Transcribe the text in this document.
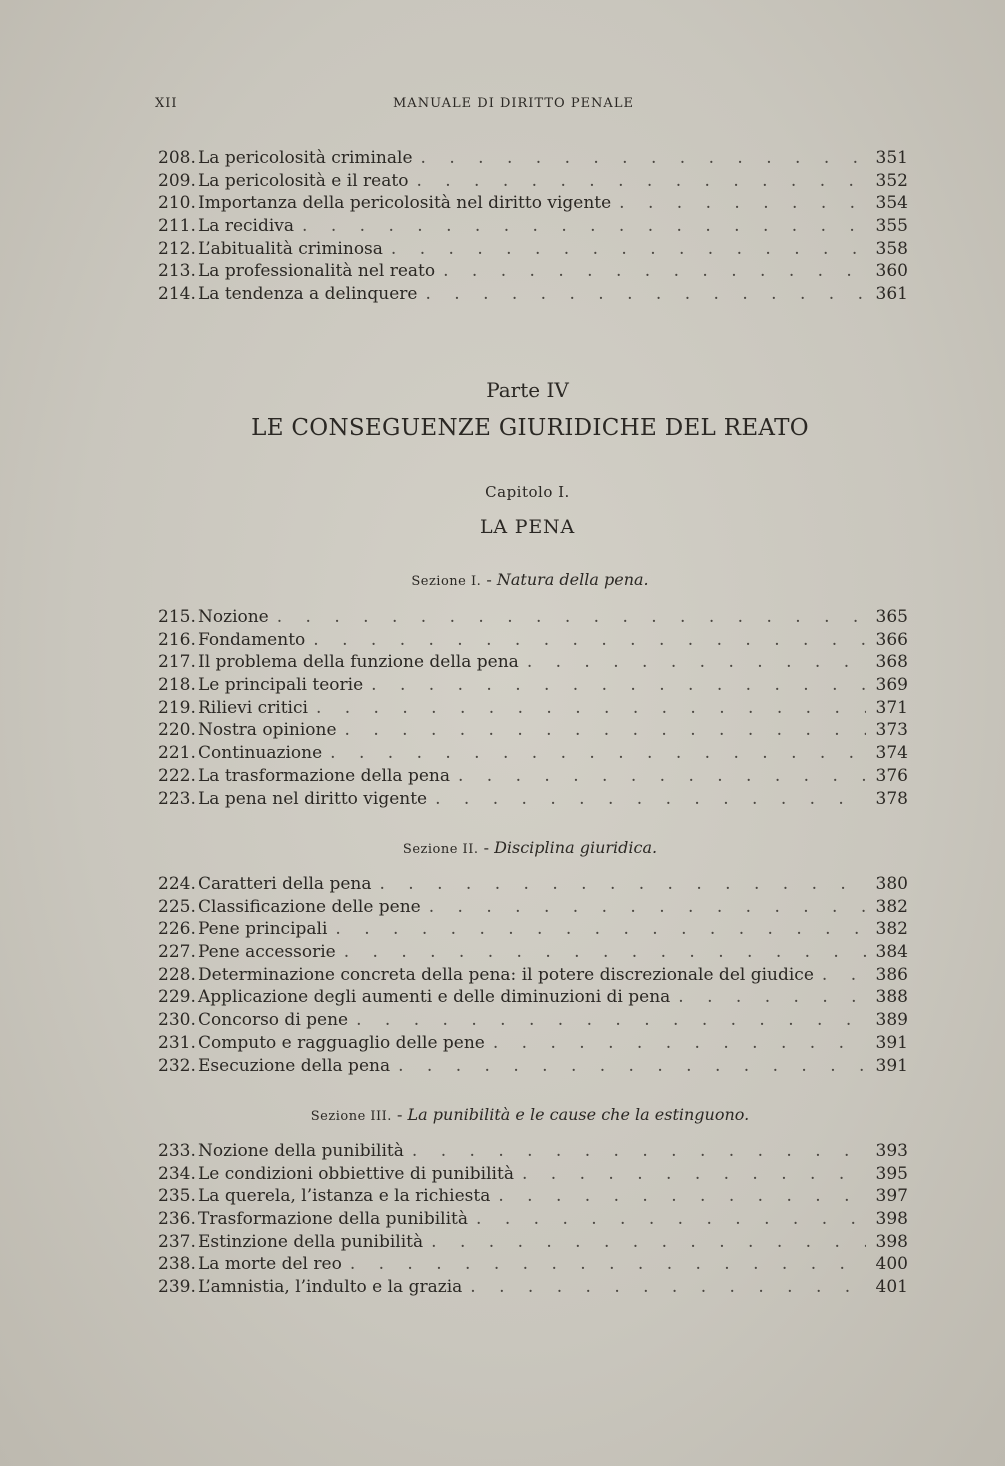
XII	MANUALE DI DIRITTO PENALE
208. La pericolosità criminale . . .	351
209. La pericolosità e il reato . . .	352
210. Importanza della pericolosità nel diritto vigente . . .	354
211. La recidiva . . .	355
212. L’abitualità criminosa . . .	358
213. La professionalità nel reato . . .	360
214. La tendenza a delinquere . . .	361
Parte IV
LE CONSEGUENZE GIURIDICHE DEL REATO
Capitolo I.
LA PENA
Sezione I. - Natura della pena.
215. Nozione . . .	365
216. Fondamento . . .	366
217. Il problema della funzione della pena . . .	368
218. Le principali teorie . . .	369
219. Rilievi critici . . .	371
220. Nostra opinione . . .	373
221. Continuazione . . .	374
222. La trasformazione della pena . . .	376
223. La pena nel diritto vigente . . .	378
Sezione II. - Disciplina giuridica.
224. Caratteri della pena . . .	380
225. Classificazione delle pene . . .	382
226. Pene principali . . .	382
227. Pene accessorie . . .	384
228. Determinazione concreta della pena: il potere discrezionale del giudice . . .	386
229. Applicazione degli aumenti e delle diminuzioni di pena . . .	388
230. Concorso di pene . . .	389
231. Computo e ragguaglio delle pene . . .	391
232. Esecuzione della pena . . .	391
Sezione III. - La punibilità e le cause che la estinguono.
233. Nozione della punibilità . . .	393
234. Le condizioni obbiettive di punibilità . . .	395
235. La querela, l’istanza e la richiesta . . .	397
236. Trasformazione della punibilità . . .	398
237. Estinzione della punibilità . . .	398
238. La morte del reo . . .	400
239. L’amnistia, l’indulto e la grazia . . .	401
